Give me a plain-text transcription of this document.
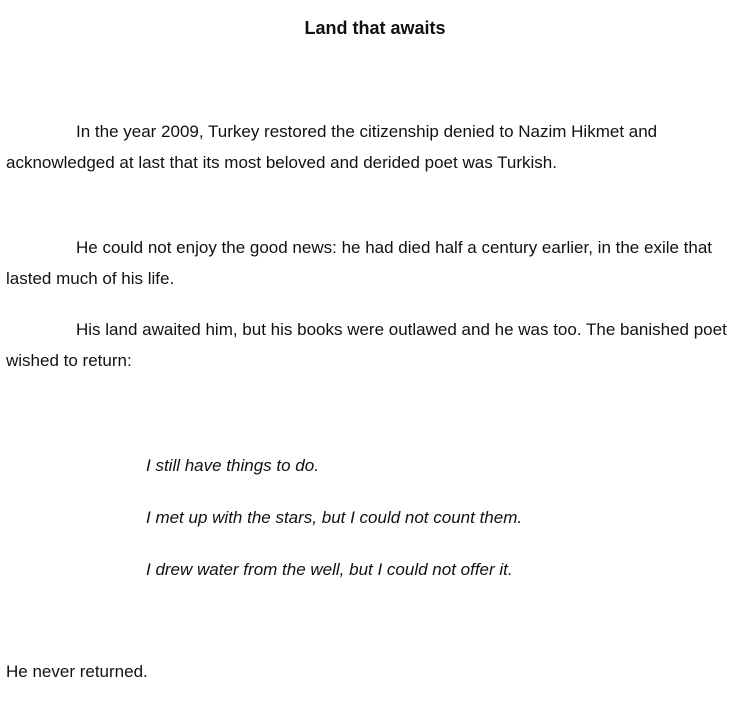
Land that awaits

In the year 2009, Turkey restored the citizenship denied to Nazim Hikmet and acknowledged at last that its most beloved and derided poet was Turkish.

He could not enjoy the good news: he had died half a century earlier, in the exile that lasted much of his life.

His land awaited him, but his books were outlawed and he was too. The banished poet wished to return:

I still have things to do.

I met up with the stars, but I could not count them.

I drew water from the well, but I could not offer it.

He never returned.
